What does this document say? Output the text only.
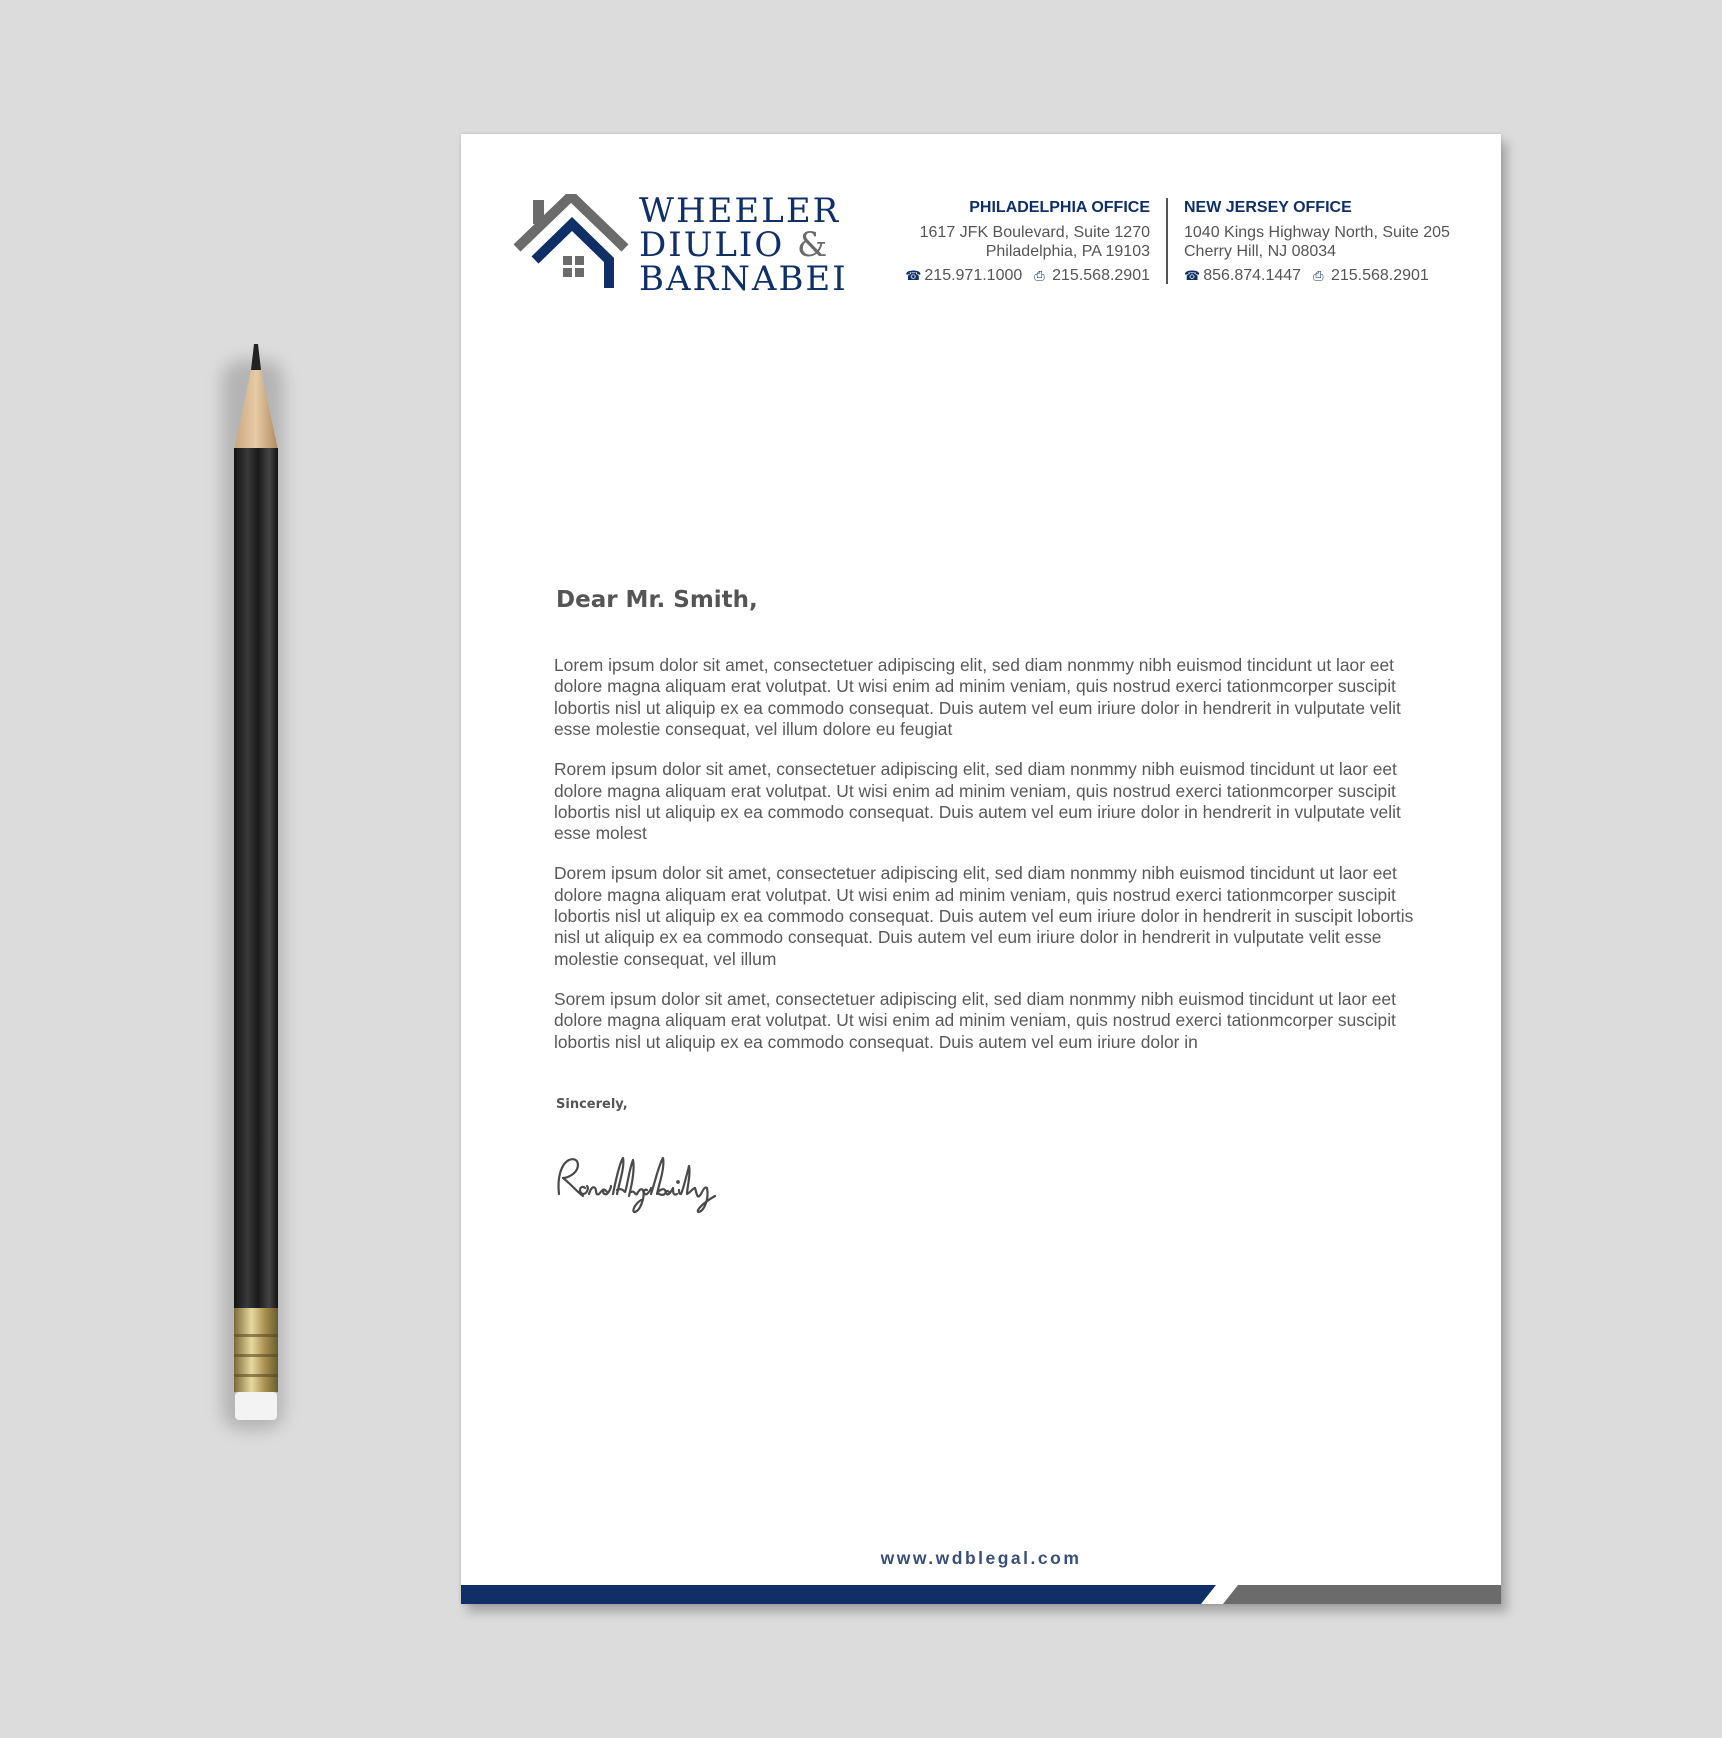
WHEELER
DIULIO &
BARNABEI
PHILADELPHIA OFFICE
1617 JFK Boulevard, Suite 1270
Philadelphia, PA 19103
☎ 215.971.1000 ⎙ 215.568.2901
NEW JERSEY OFFICE
1040 Kings Highway North, Suite 205
Cherry Hill, NJ 08034
☎ 856.874.1447 ⎙ 215.568.2901
Dear Mr. Smith,

Lorem ipsum dolor sit amet, consectetuer adipiscing elit, sed diam nonmmy nibh euismod tincidunt ut laor eet dolore magna aliquam erat volutpat. Ut wisi enim ad minim veniam, quis nostrud exerci tationmcorper suscipit lobortis nisl ut aliquip ex ea commodo consequat. Duis autem vel eum iriure dolor in hendrerit in vulputate velit esse molestie consequat, vel illum dolore eu feugiat

Rorem ipsum dolor sit amet, consectetuer adipiscing elit, sed diam nonmmy nibh euismod tincidunt ut laor eet dolore magna aliquam erat volutpat. Ut wisi enim ad minim veniam, quis nostrud exerci tationmcorper suscipit lobortis nisl ut aliquip ex ea commodo consequat. Duis autem vel eum iriure dolor in hendrerit in vulputate velit esse molest

Dorem ipsum dolor sit amet, consectetuer adipiscing elit, sed diam nonmmy nibh euismod tincidunt ut laor eet dolore magna aliquam erat volutpat. Ut wisi enim ad minim veniam, quis nostrud exerci tationmcorper suscipit lobortis nisl ut aliquip ex ea commodo consequat. Duis autem vel eum iriure dolor in hendrerit in suscipit lobortis nisl ut aliquip ex ea commodo consequat. Duis autem vel eum iriure dolor in hendrerit in vulputate velit esse molestie consequat, vel illum

Sorem ipsum dolor sit amet, consectetuer adipiscing elit, sed diam nonmmy nibh euismod tincidunt ut laor eet dolore magna aliquam erat volutpat. Ut wisi enim ad minim veniam, quis nostrud exerci tationmcorper suscipit lobortis nisl ut aliquip ex ea commodo consequat. Duis autem vel eum iriure dolor in

Sincerely,
www.wdblegal.com
